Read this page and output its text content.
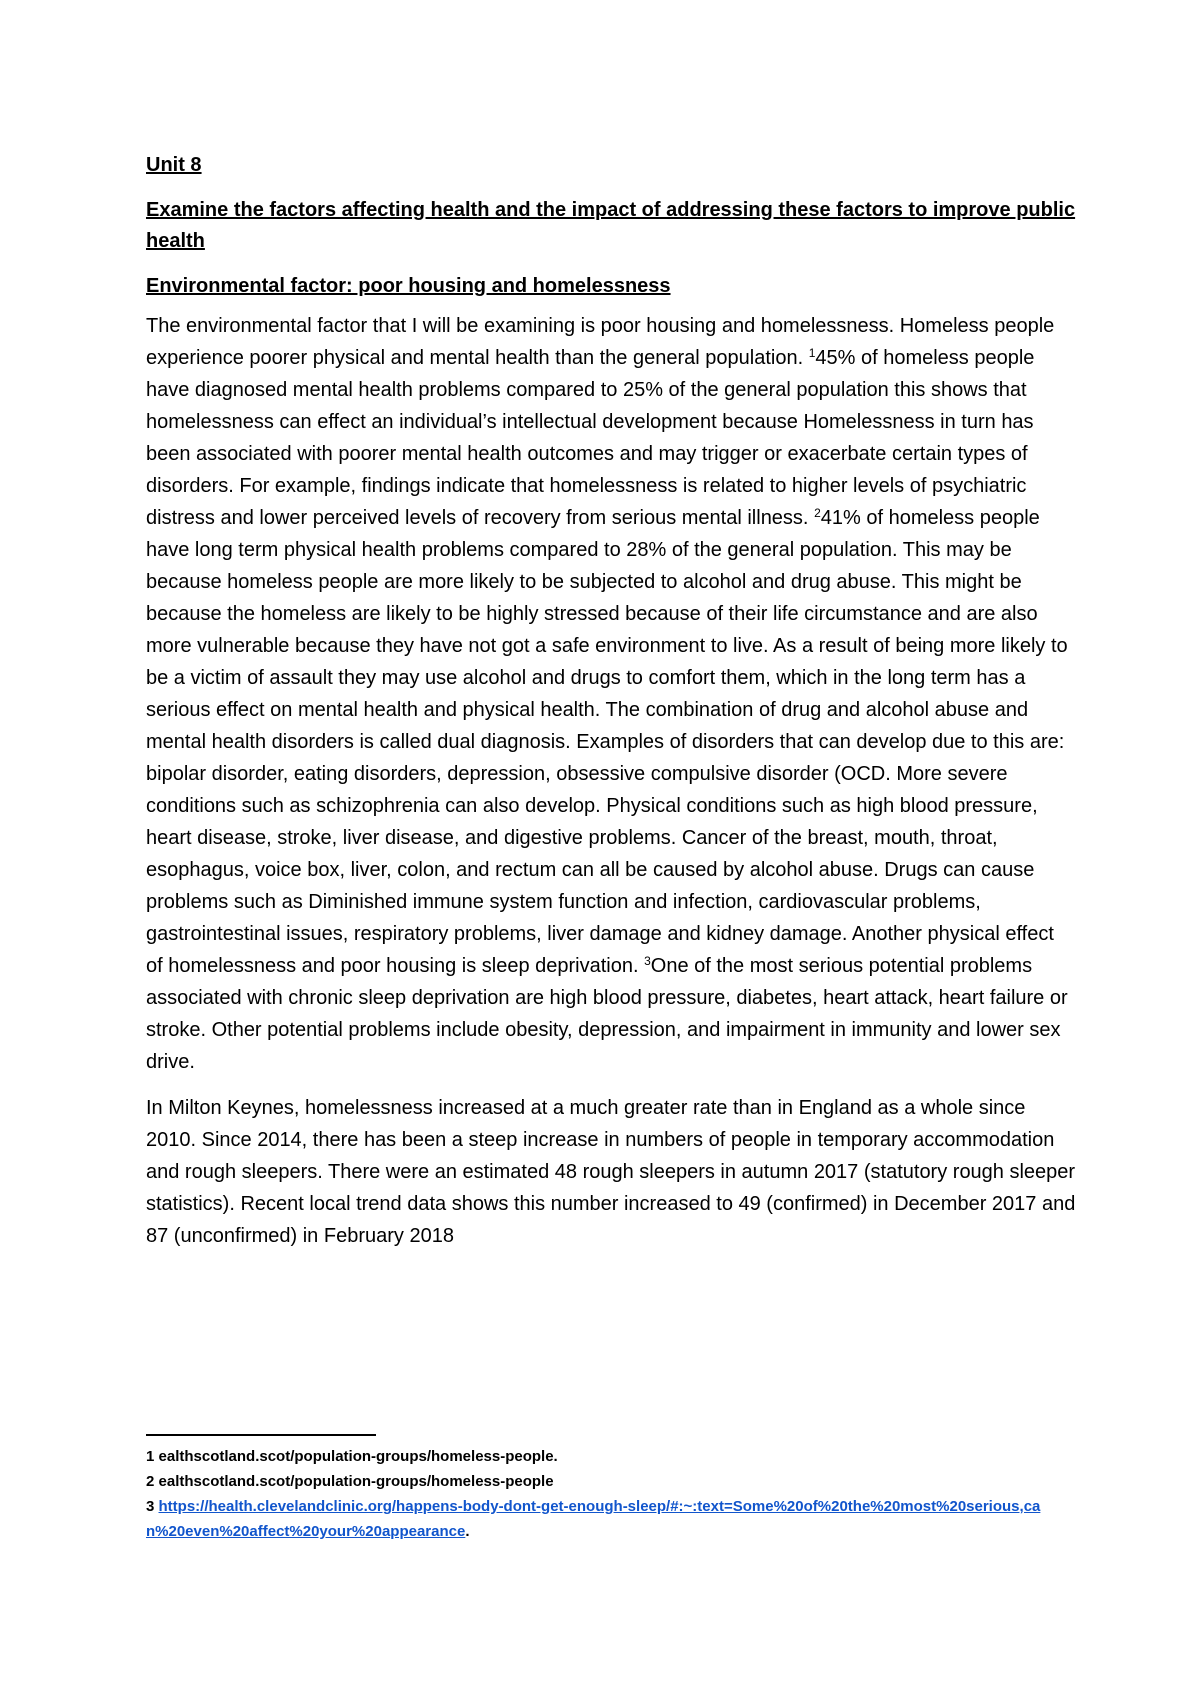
Unit 8

Examine the factors affecting health and the impact of addressing these factors to improve public health

Environmental factor: poor housing and homelessness

The environmental factor that I will be examining is poor housing and homelessness. Homeless people experience poorer physical and mental health than the general population. $^1$45% of homeless people have diagnosed mental health problems compared to 25% of the general population this shows that homelessness can effect an individual’s intellectual development because Homelessness in turn has been associated with poorer mental health outcomes and may trigger or exacerbate certain types of disorders. For example, findings indicate that homelessness is related to higher levels of psychiatric distress and lower perceived levels of recovery from serious mental illness. $^2$41% of homeless people have long term physical health problems compared to 28% of the general population. This may be because homeless people are more likely to be subjected to alcohol and drug abuse. This might be because the homeless are likely to be highly stressed because of their life circumstance and are also more vulnerable because they have not got a safe environment to live. As a result of being more likely to be a victim of assault they may use alcohol and drugs to comfort them, which in the long term has a serious effect on mental health and physical health. The combination of drug and alcohol abuse and mental health disorders is called dual diagnosis. Examples of disorders that can develop due to this are: bipolar disorder, eating disorders, depression, obsessive compulsive disorder (OCD. More severe conditions such as schizophrenia can also develop. Physical conditions such as high blood pressure, heart disease, stroke, liver disease, and digestive problems. Cancer of the breast, mouth, throat, esophagus, voice box, liver, colon, and rectum can all be caused by alcohol abuse. Drugs can cause problems such as Diminished immune system function and infection, cardiovascular problems, gastrointestinal issues, respiratory problems, liver damage and kidney damage. Another physical effect of homelessness and poor housing is sleep deprivation. $^3$One of the most serious potential problems associated with chronic sleep deprivation are high blood pressure, diabetes, heart attack, heart failure or stroke. Other potential problems include obesity, depression, and impairment in immunity and lower sex drive.

In Milton Keynes, homelessness increased at a much greater rate than in England as a whole since 2010. Since 2014, there has been a steep increase in numbers of people in temporary accommodation and rough sleepers. There were an estimated 48 rough sleepers in autumn 2017 (statutory rough sleeper statistics). Recent local trend data shows this number increased to 49 (confirmed) in December 2017 and 87 (unconfirmed) in February 2018

1 ealthscotland.scot/population-groups/homeless-people.

2 ealthscotland.scot/population-groups/homeless-people

3 https://health.clevelandclinic.org/happens-body-dont-get-enough-sleep/#:~:text=Some%20of%20the%20most%20serious,can%20even%20affect%20your%20appearance.
